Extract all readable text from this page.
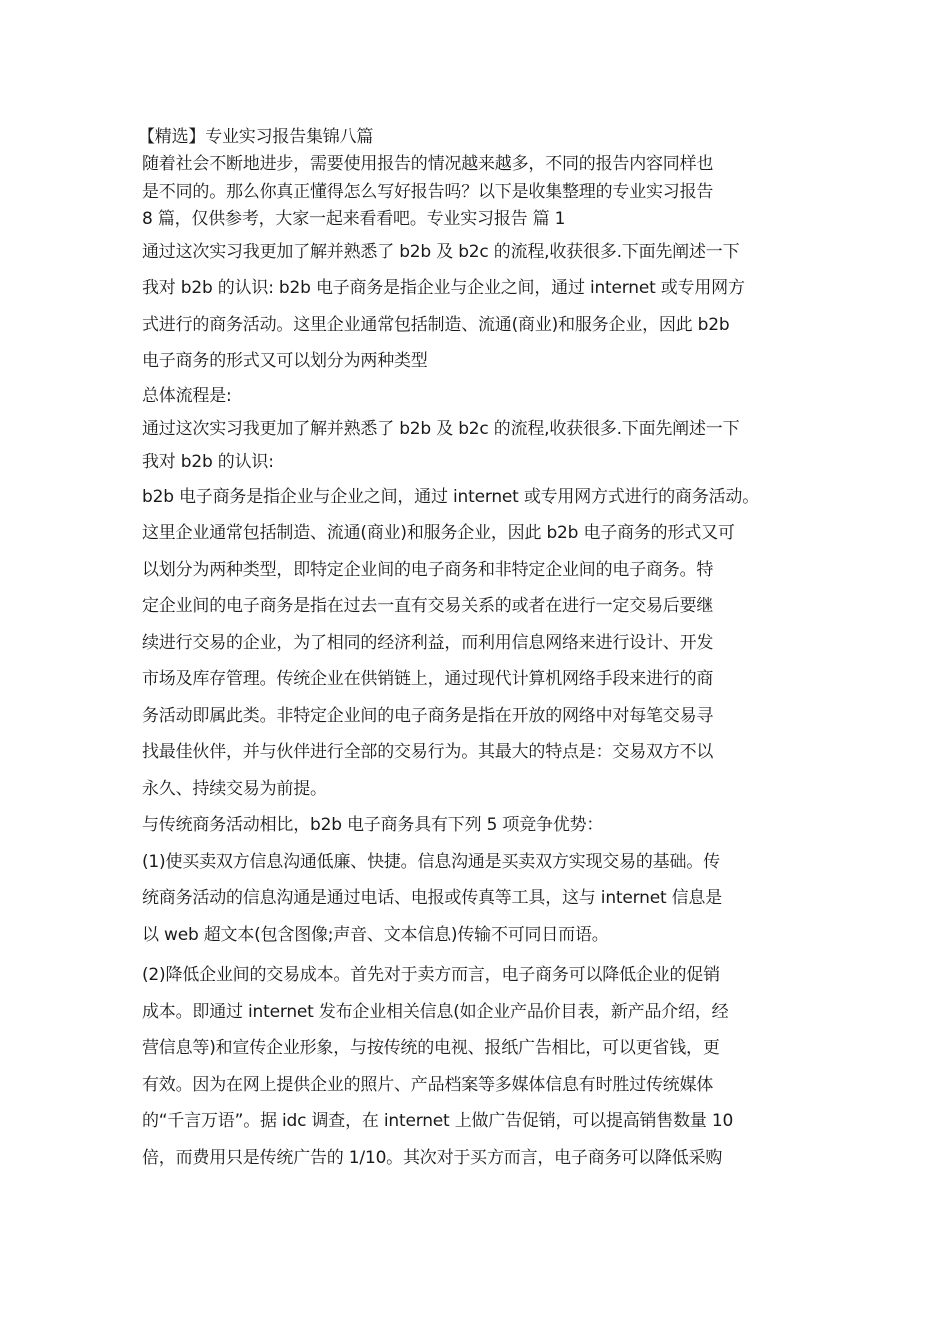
【精选】专业实习报告集锦八篇
随着社会不断地进步，需要使用报告的情况越来越多，不同的报告内容同样也
是不同的。那么你真正懂得怎么写好报告吗？以下是收集整理的专业实习报告
8 篇，仅供参考，大家一起来看看吧。专业实习报告 篇 1
通过这次实习我更加了解并熟悉了 b2b 及 b2c 的流程,收获很多.下面先阐述一下
我对 b2b 的认识: b2b 电子商务是指企业与企业之间，通过 internet 或专用网方
式进行的商务活动。这里企业通常包括制造、流通(商业)和服务企业，因此 b2b
电子商务的形式又可以划分为两种类型
总体流程是:
通过这次实习我更加了解并熟悉了 b2b 及 b2c 的流程,收获很多.下面先阐述一下
我对 b2b 的认识:
b2b 电子商务是指企业与企业之间，通过 internet 或专用网方式进行的商务活动。
这里企业通常包括制造、流通(商业)和服务企业，因此 b2b 电子商务的形式又可
以划分为两种类型，即特定企业间的电子商务和非特定企业间的电子商务。特
定企业间的电子商务是指在过去一直有交易关系的或者在进行一定交易后要继
续进行交易的企业，为了相同的经济利益，而利用信息网络来进行设计、开发
市场及库存管理。传统企业在供销链上，通过现代计算机网络手段来进行的商
务活动即属此类。非特定企业间的电子商务是指在开放的网络中对每笔交易寻
找最佳伙伴，并与伙伴进行全部的交易行为。其最大的特点是：交易双方不以
永久、持续交易为前提。
与传统商务活动相比，b2b 电子商务具有下列 5 项竞争优势：
(1)使买卖双方信息沟通低廉、快捷。信息沟通是买卖双方实现交易的基础。传
统商务活动的信息沟通是通过电话、电报或传真等工具，这与 internet 信息是
以 web 超文本(包含图像;声音、文本信息)传输不可同日而语。
(2)降低企业间的交易成本。首先对于卖方而言，电子商务可以降低企业的促销
成本。即通过 internet 发布企业相关信息(如企业产品价目表，新产品介绍，经
营信息等)和宣传企业形象，与按传统的电视、报纸广告相比，可以更省钱，更
有效。因为在网上提供企业的照片、产品档案等多媒体信息有时胜过传统媒体
的“千言万语”。据 idc 调查，在 internet 上做广告促销，可以提高销售数量 10
倍，而费用只是传统广告的 1/10。其次对于买方而言，电子商务可以降低采购
